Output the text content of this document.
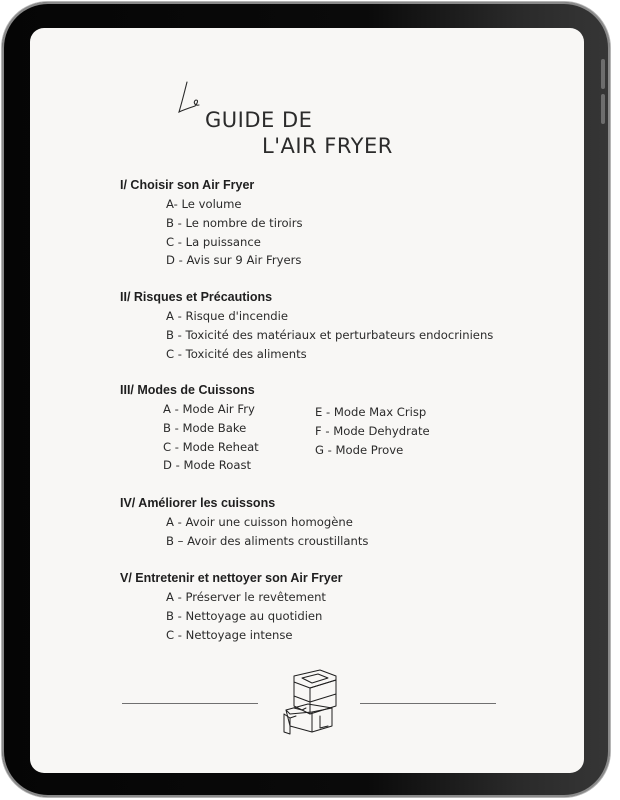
GUIDE DE
L'AIR FRYER
I/ Choisir son Air Fryer
A- Le volume
B - Le nombre de tiroirs
C - La puissance
D - Avis sur 9 Air Fryers
II/ Risques et Précautions
A - Risque d'incendie
B - Toxicité des matériaux et perturbateurs endocriniens
C - Toxicité des aliments
III/ Modes de Cuissons
A - Mode Air Fry
B - Mode Bake
C - Mode Reheat
D - Mode Roast
E - Mode Max Crisp
F - Mode Dehydrate
G - Mode Prove
IV/ Améliorer les cuissons
A - Avoir une cuisson homogène
B – Avoir des aliments croustillants
V/ Entretenir et nettoyer son Air Fryer
A - Préserver le revêtement
B - Nettoyage au quotidien
C - Nettoyage intense
